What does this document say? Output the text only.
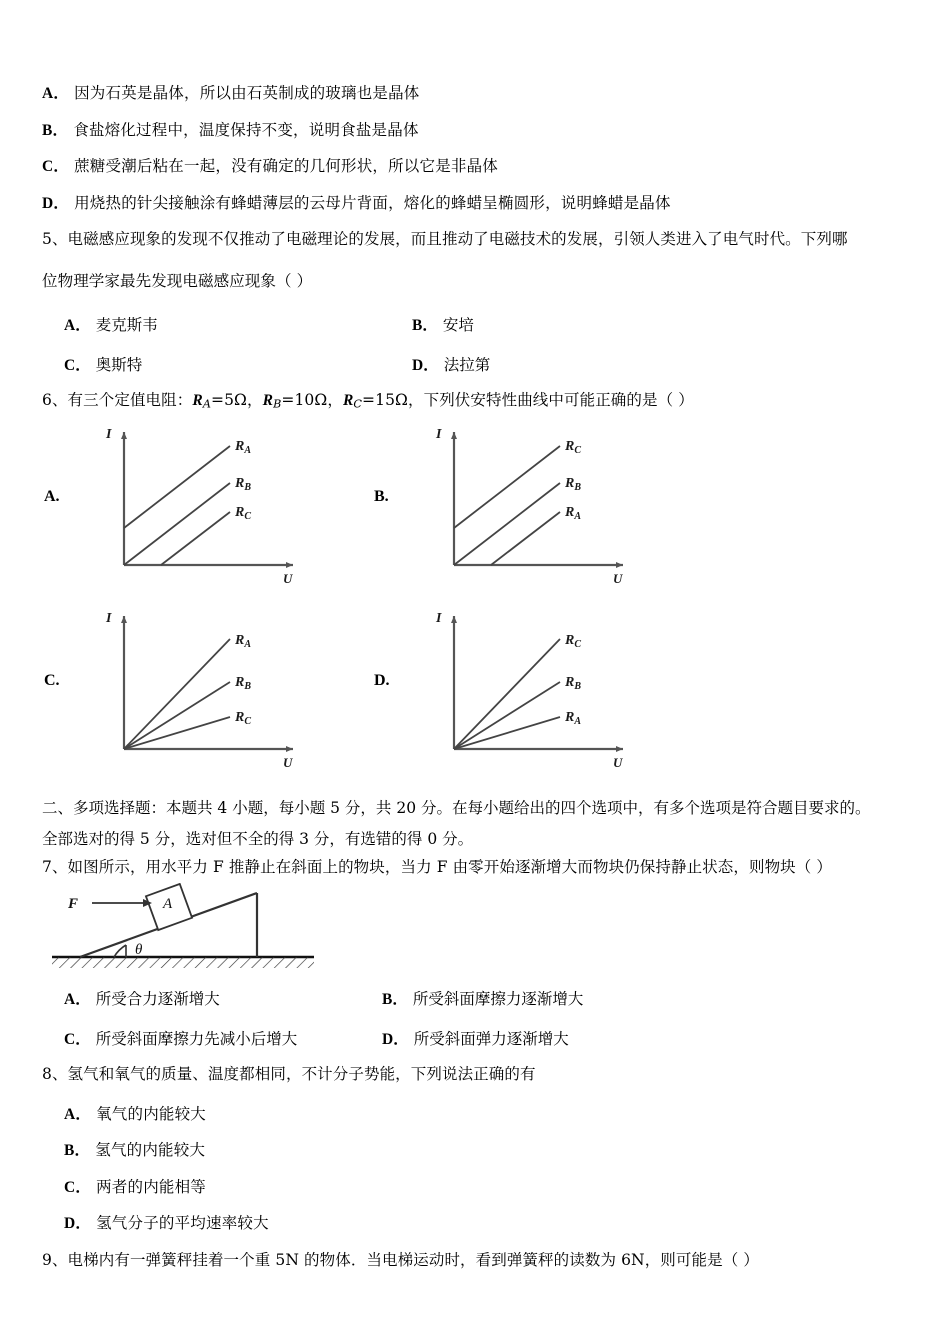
A． 因为石英是晶体，所以由石英制成的玻璃也是晶体
B． 食盐熔化过程中，温度保持不变，说明食盐是晶体
C． 蔗糖受潮后粘在一起，没有确定的几何形状，所以它是非晶体
D． 用烧热的针尖接触涂有蜂蜡薄层的云母片背面，熔化的蜂蜡呈椭圆形，说明蜂蜡是晶体
5、电磁感应现象的发现不仅推动了电磁理论的发展，而且推动了电磁技术的发展，引领人类进入了电气时代。下列哪
位物理学家最先发现电磁感应现象（ ）
A． 麦克斯韦	B． 安培
C． 奥斯特	D． 法拉第
6、有三个定值电阻：$R_A=5\Omega$，$R_B=10\Omega$，$R_C=15\Omega$，下列伏安特性曲线中可能正确的是（ ）
A.
I
U
$R_A$
$R_B$
$R_C$
B.
I
U
$R_C$
$R_B$
$R_A$
C.
I
U
$R_A$
$R_B$
$R_C$
D.
I
U
$R_C$
$R_B$
$R_A$
二、多项选择题：本题共 4 小题，每小题 5 分，共 20 分。在每小题给出的四个选项中，有多个选项是符合题目要求的。
全部选对的得 5 分，选对但不全的得 3 分，有选错的得 0 分。
7、如图所示，用水平力 F 推静止在斜面上的物块，当力 F 由零开始逐渐增大而物块仍保持静止状态，则物块（ ）
θ
A
F
A． 所受合力逐渐增大	B． 所受斜面摩擦力逐渐增大
C． 所受斜面摩擦力先减小后增大	D． 所受斜面弹力逐渐增大
8、氢气和氧气的质量、温度都相同，不计分子势能，下列说法正确的有
A． 氧气的内能较大
B． 氢气的内能较大
C． 两者的内能相等
D． 氢气分子的平均速率较大
9、电梯内有一弹簧秤挂着一个重 5N 的物体．当电梯运动时，看到弹簧秤的读数为 6N，则可能是（ ）
